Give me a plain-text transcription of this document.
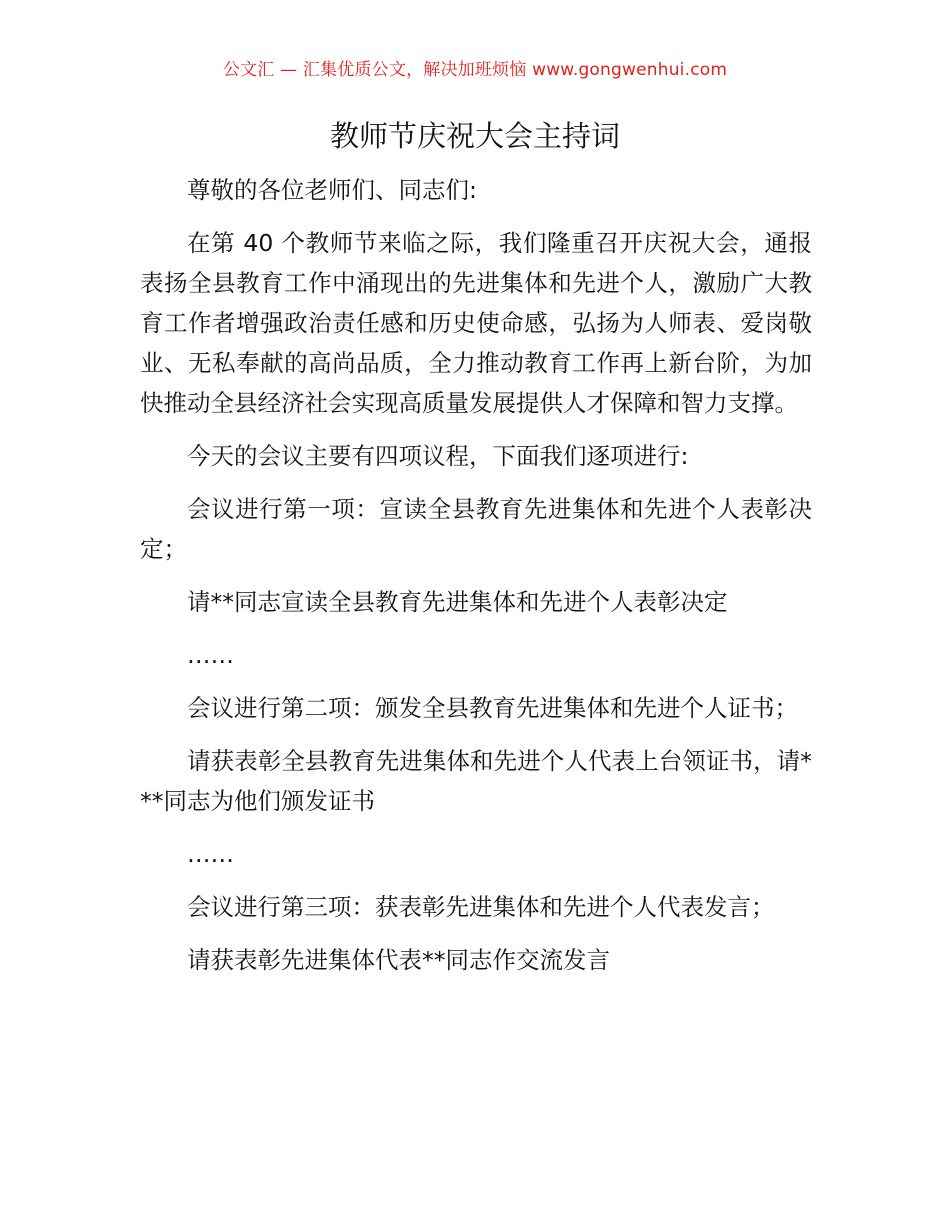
公文汇 — 汇集优质公文，解决加班烦恼 www.gongwenhui.com
教师节庆祝大会主持词

尊敬的各位老师们、同志们:

在第 40 个教师节来临之际，我们隆重召开庆祝大会，通报表扬全县教育工作中涌现出的先进集体和先进个人，激励广大教育工作者增强政治责任感和历史使命感，弘扬为人师表、爱岗敬业、无私奉献的高尚品质，全力推动教育工作再上新台阶，为加快推动全县经济社会实现高质量发展提供人才保障和智力支撑。

今天的会议主要有四项议程，下面我们逐项进行:

会议进行第一项：宣读全县教育先进集体和先进个人表彰决定；

请**同志宣读全县教育先进集体和先进个人表彰决定

……

会议进行第二项：颁发全县教育先进集体和先进个人证书；

请获表彰全县教育先进集体和先进个人代表上台领证书，请***同志为他们颁发证书

……

会议进行第三项：获表彰先进集体和先进个人代表发言；

请获表彰先进集体代表**同志作交流发言
